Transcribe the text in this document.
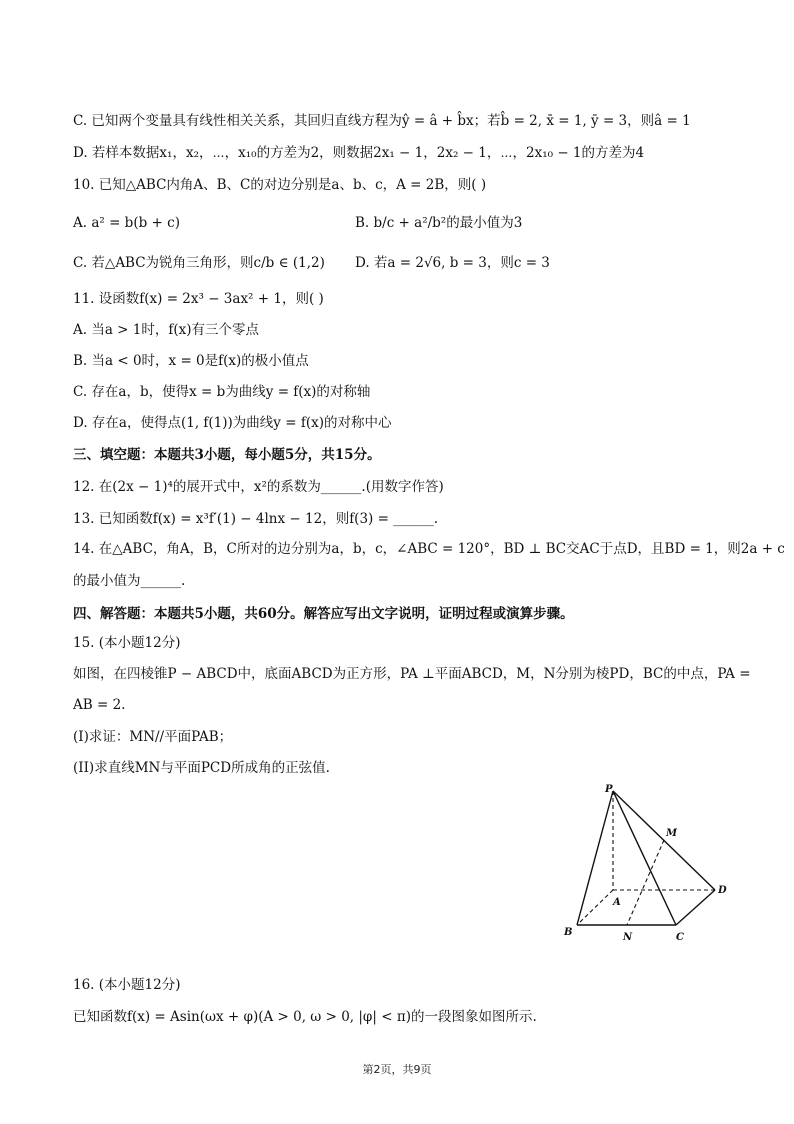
C. 已知两个变量具有线性相关关系，其回归直线方程为ŷ = â + b̂x；若b̂ = 2, x̄ = 1, ȳ = 3，则â = 1
D. 若样本数据x₁，x₂，⋯，x₁₀的方差为2，则数据2x₁ − 1，2x₂ − 1，⋯，2x₁₀ − 1的方差为4
10. 已知△ABC内角A、B、C的对边分别是a、b、c，A = 2B，则( )
A. a² = b(b + c)	B. b/c + a²/b²的最小值为3
C. 若△ABC为锐角三角形，则c/b ∈ (1,2) D. 若a = 2√6, b = 3，则c = 3
11. 设函数f(x) = 2x³ − 3ax² + 1，则( )
A. 当a > 1时，f(x)有三个零点
B. 当a < 0时，x = 0是f(x)的极小值点
C. 存在a，b，使得x = b为曲线y = f(x)的对称轴
D. 存在a，使得点(1, f(1))为曲线y = f(x)的对称中心
三、填空题：本题共3小题，每小题5分，共15分。
12. 在(2x − 1)⁴的展开式中，x²的系数为______.(用数字作答)
13. 已知函数f(x) = x³f′(1) − 4lnx − 12，则f(3) = ______.
14. 在△ABC，角A，B，C所对的边分别为a，b，c，∠ABC = 120°，BD ⊥ BC交AC于点D，且BD = 1，则2a + c
的最小值为______.
四、解答题：本题共5小题，共60分。解答应写出文字说明，证明过程或演算步骤。
15. (本小题12分)
如图，在四棱锥P − ABCD中，底面ABCD为正方形，PA ⊥平面ABCD，M，N分别为棱PD，BC的中点，PA =
AB = 2.
(I)求证：MN//平面PAB；
(II)求直线MN与平面PCD所成角的正弦值.
P
M
A
D
B	N	C
16. (本小题12分)
已知函数f(x) = Asin(ωx + φ)(A > 0, ω > 0, |φ| < π)的一段图象如图所示.
第2页，共9页
